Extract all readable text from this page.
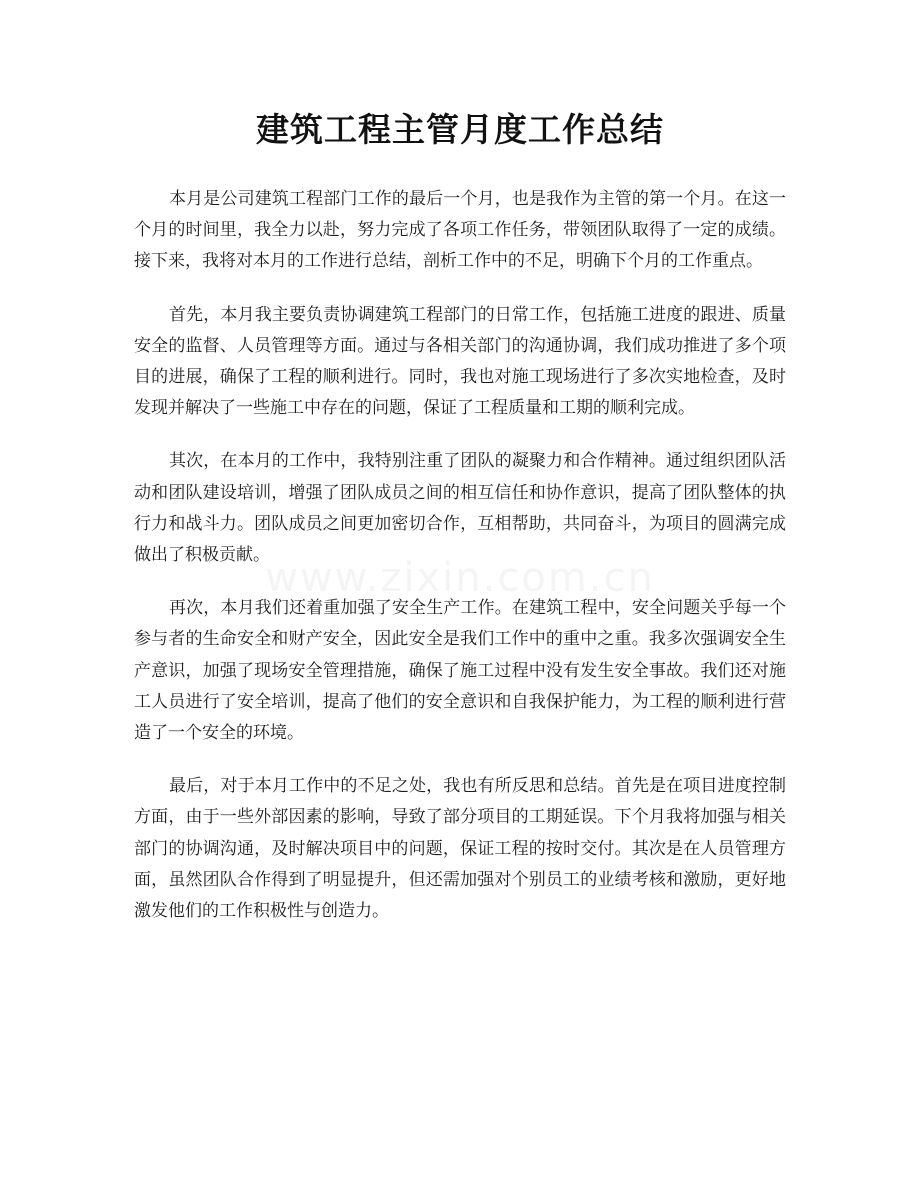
建筑工程主管月度工作总结
www.zixin.com.cn

本月是公司建筑工程部门工作的最后一个月，也是我作为主管的第一个月。在这一个月的时间里，我全力以赴，努力完成了各项工作任务，带领团队取得了一定的成绩。接下来，我将对本月的工作进行总结，剖析工作中的不足，明确下个月的工作重点。

首先，本月我主要负责协调建筑工程部门的日常工作，包括施工进度的跟进、质量安全的监督、人员管理等方面。通过与各相关部门的沟通协调，我们成功推进了多个项目的进展，确保了工程的顺利进行。同时，我也对施工现场进行了多次实地检查，及时发现并解决了一些施工中存在的问题，保证了工程质量和工期的顺利完成。

其次，在本月的工作中，我特别注重了团队的凝聚力和合作精神。通过组织团队活动和团队建设培训，增强了团队成员之间的相互信任和协作意识，提高了团队整体的执行力和战斗力。团队成员之间更加密切合作，互相帮助，共同奋斗，为项目的圆满完成做出了积极贡献。

再次，本月我们还着重加强了安全生产工作。在建筑工程中，安全问题关乎每一个参与者的生命安全和财产安全，因此安全是我们工作中的重中之重。我多次强调安全生产意识，加强了现场安全管理措施，确保了施工过程中没有发生安全事故。我们还对施工人员进行了安全培训，提高了他们的安全意识和自我保护能力，为工程的顺利进行营造了一个安全的环境。

最后，对于本月工作中的不足之处，我也有所反思和总结。首先是在项目进度控制方面，由于一些外部因素的影响，导致了部分项目的工期延误。下个月我将加强与相关部门的协调沟通，及时解决项目中的问题，保证工程的按时交付。其次是在人员管理方面，虽然团队合作得到了明显提升，但还需加强对个别员工的业绩考核和激励，更好地激发他们的工作积极性与创造力。
